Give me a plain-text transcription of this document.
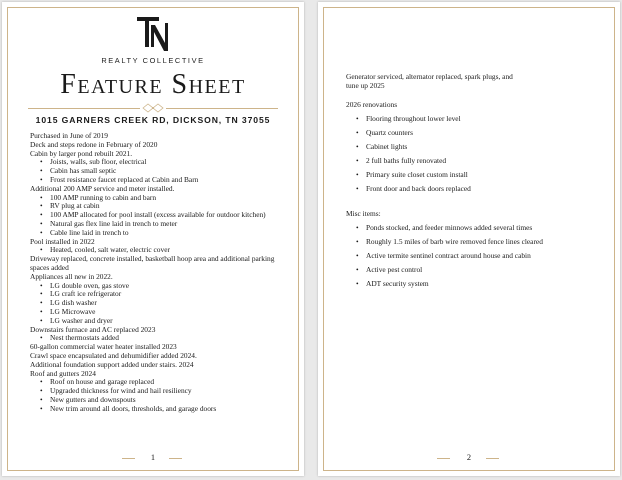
REALTY COLLECTIVE
Feature Sheet
1015 GARNERS CREEK RD, DICKSON, TN 37055

Purchased in June of 2019

Deck and steps redone in February of 2020

Cabin by larger pond rebuilt 2021.

• Joists, walls, sub floor, electrical
• Cabin has small septic
• Frost resistance faucet replaced at Cabin and Barn

Additional 200 AMP service and meter installed.

• 100 AMP running to cabin and barn
• RV plug at cabin
• 100 AMP allocated for pool install (excess available for outdoor kitchen)
• Natural gas flex line laid in trench to meter
• Cable line laid in trench to

Pool installed in 2022

• Heated, cooled, salt water, electric cover

Driveway replaced, concrete installed, basketball hoop area and additional parking spaces added

Appliances all new in 2022.

• LG double oven, gas stove
• LG craft ice refrigerator
• LG dish washer
• LG Microwave
• LG washer and dryer

Downstairs furnace and AC replaced 2023

• Nest thermostats added

60-gallon commercial water heater installed 2023

Crawl space encapsulated and dehumidifier added 2024.

Additional foundation support added under stairs. 2024

Roof and gutters 2024

• Roof on house and garage replaced
• Upgraded thickness for wind and hail resiliency
• New gutters and downspouts
• New trim around all doors, thresholds, and garage doors
1

Generator serviced, alternator replaced, spark plugs, and tune up 2025

2026 renovations

• Flooring throughout lower level
• Quartz counters
• Cabinet lights
• 2 full baths fully renovated
• Primary suite closet custom install
• Front door and back doors replaced

Misc items:

• Ponds stocked, and feeder minnows added several times
• Roughly 1.5 miles of barb wire removed fence lines cleared
• Active termite sentinel contract around house and cabin
• Active pest control
• ADT security system
2
